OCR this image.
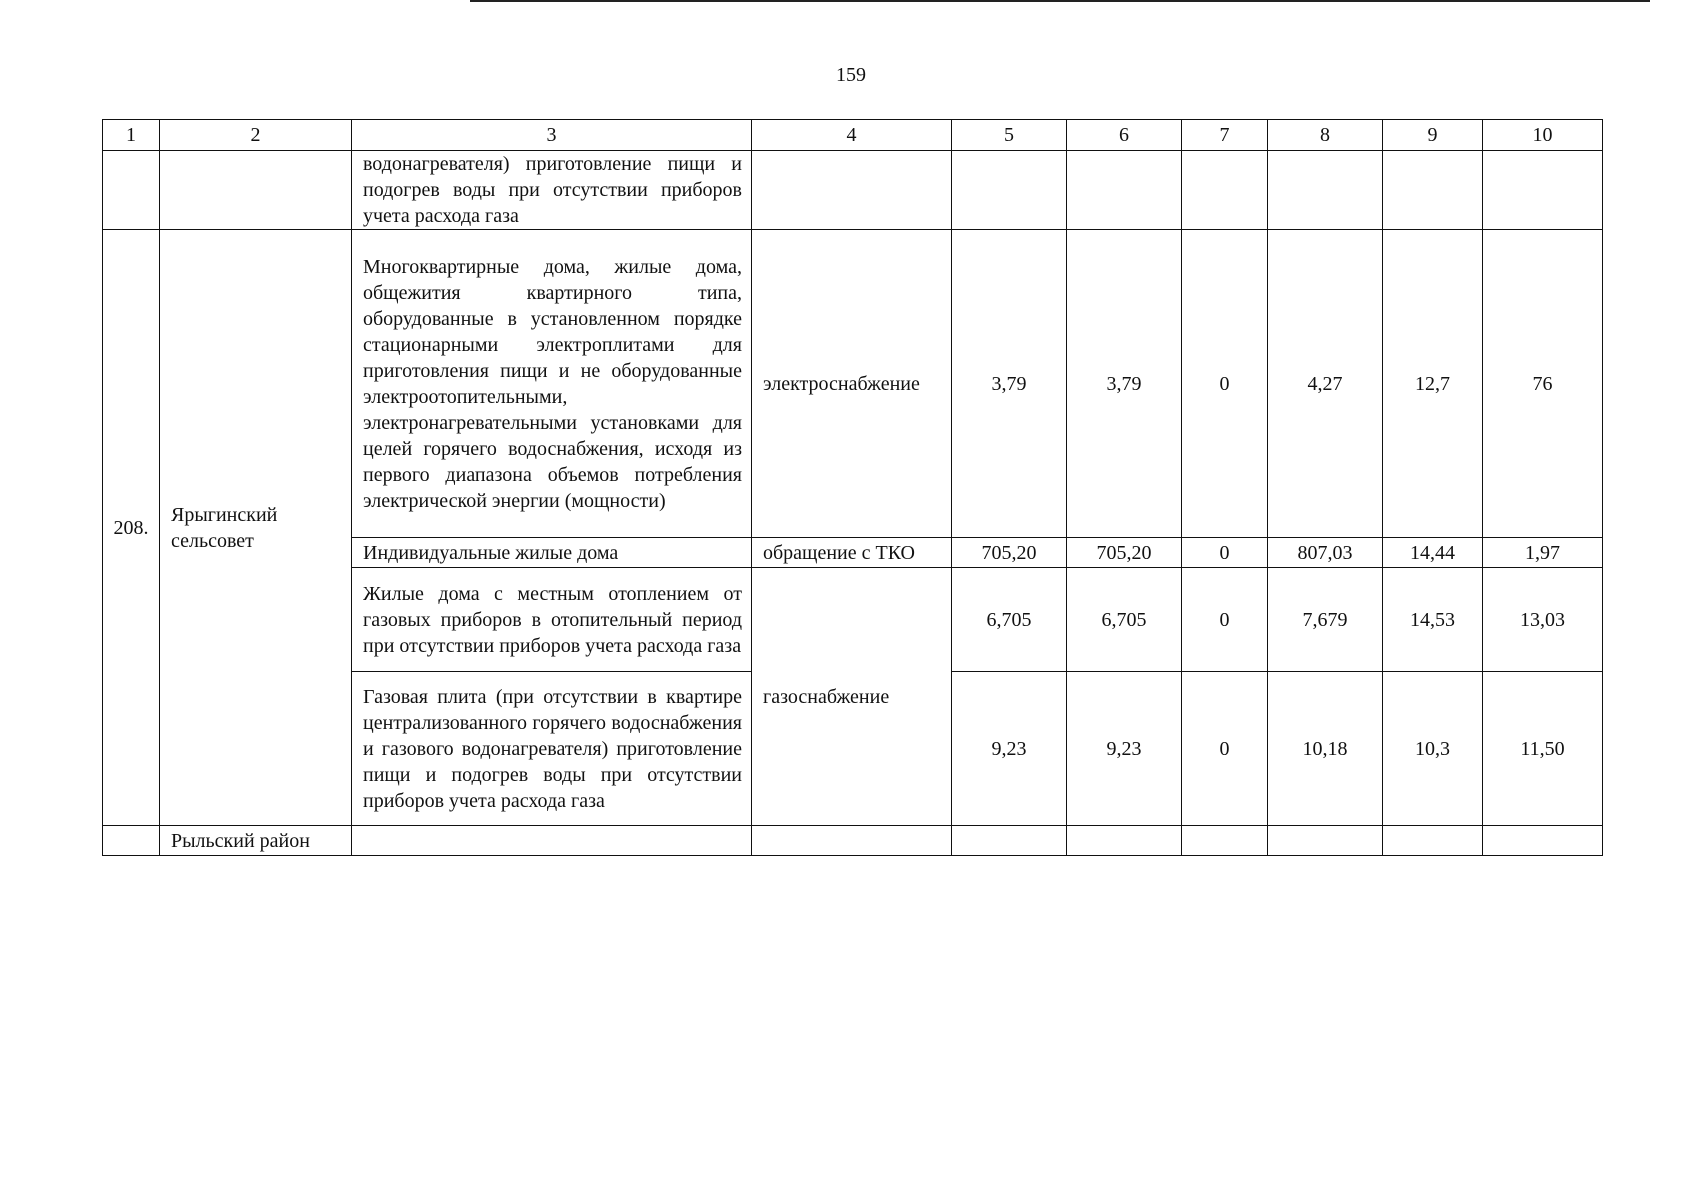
159
1	2	3	4	5	6	7	8	9	10
		водонагревателя) приготовление пищи и подогрев воды при отсутствии приборов учета расхода газа							
208.	Ярыгинский сельсовет	Многоквартирные дома, жилые дома, общежития квартирного типа, оборудованные в установленном порядке стационарными электроплитами для приготовления пищи и не оборудованные электроотопительными, электронагревательными установками для целей горячего водоснабжения, исходя из первого диапазона объемов потребления электрической энергии (мощности)	электроснабжение	3,79	3,79	0	4,27	12,7	76
		Индивидуальные жилые дома	обращение с ТКО	705,20	705,20	0	807,03	14,44	1,97
		Жилые дома с местным отоплением от газовых приборов в отопительный период при отсутствии приборов учета расхода газа	газоснабжение	6,705	6,705	0	7,679	14,53	13,03
		Газовая плита (при отсутствии в квартире централизованного горячего водоснабжения и газового водонагревателя) приготовление пищи и подогрев воды при отсутствии приборов учета расхода газа		9,23	9,23	0	10,18	10,3	11,50
	Рыльский район								
